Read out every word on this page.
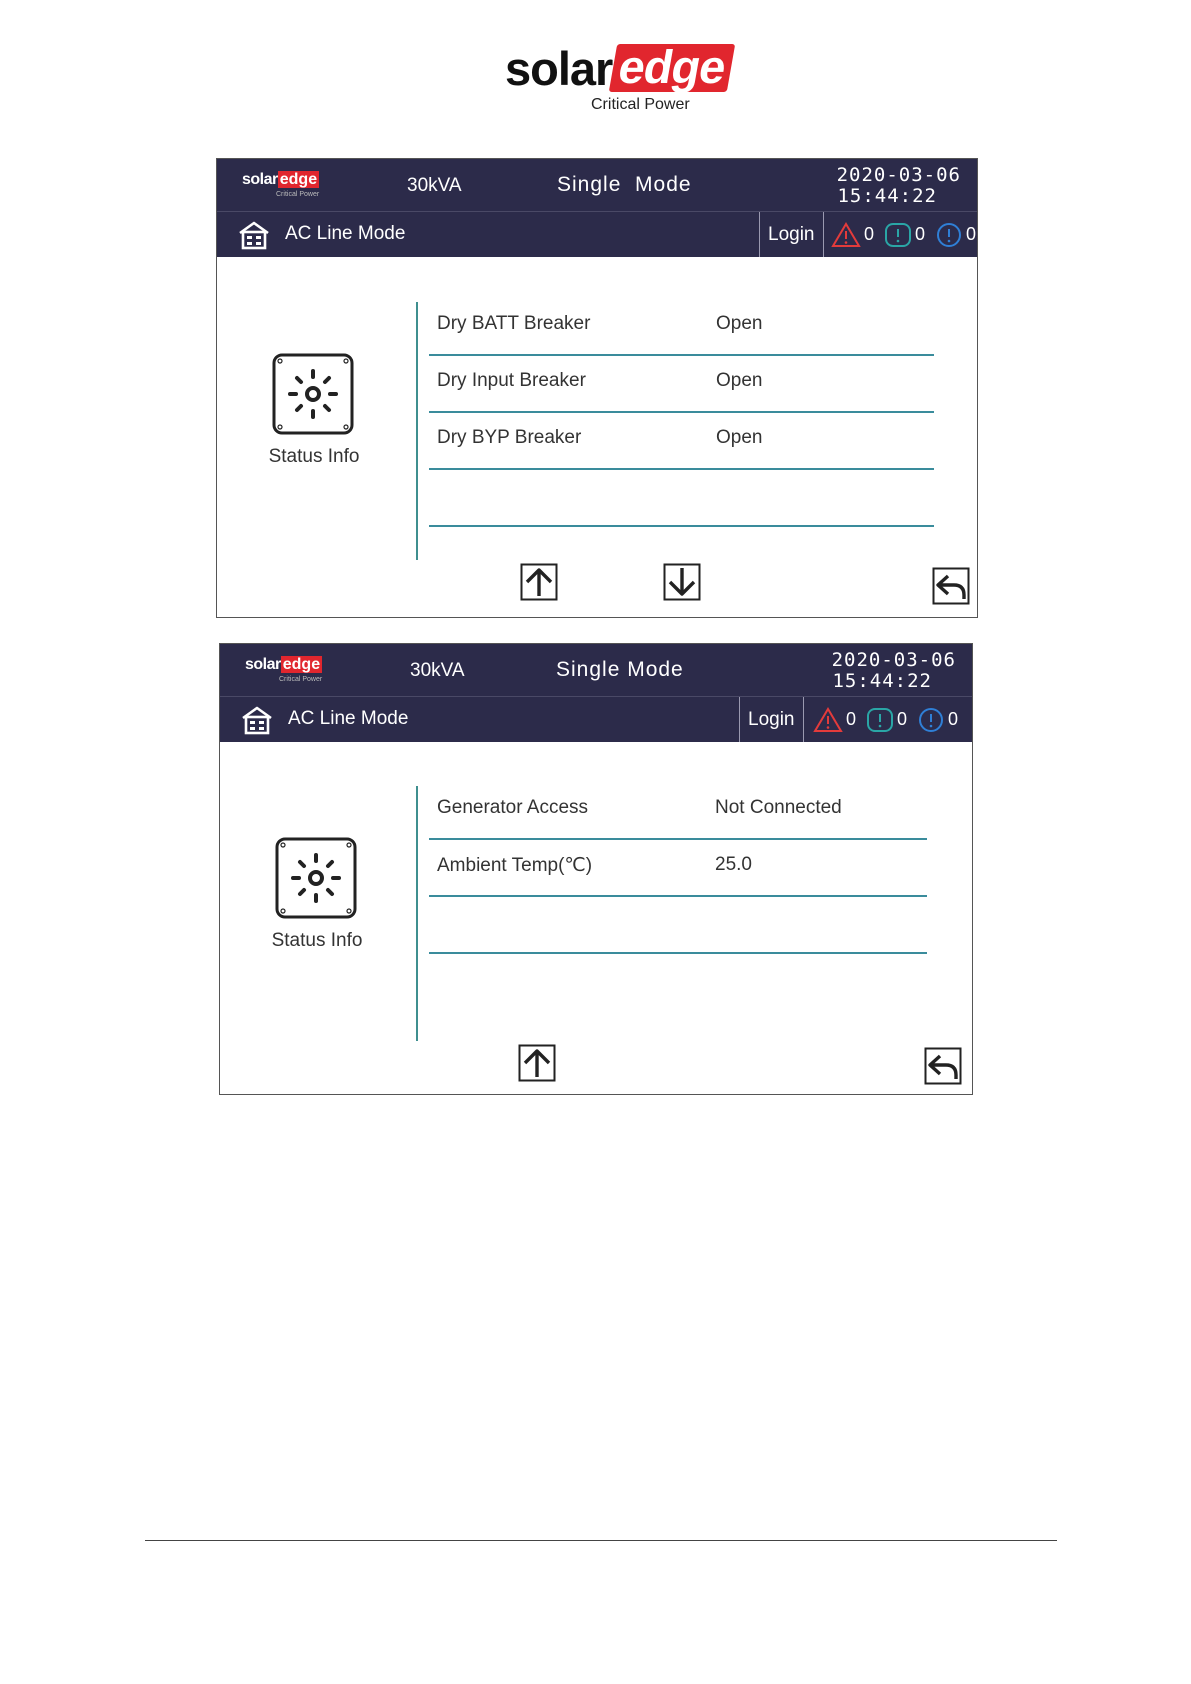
solar edge
Critical Power
solar edge
Critical Power	30kVA	Single  Mode	2020-03-06
15:44:22
AC Line Mode	Login	0 0 0
Status Info
Dry BATT Breaker	Open
Dry Input Breaker	Open
Dry BYP Breaker	Open
solar edge
Critical Power	30kVA	Single Mode	2020-03-06
15:44:22
AC Line Mode	Login	0 0 0
Status Info
Generator Access	Not Connected
Ambient Temp(℃)	25.0
